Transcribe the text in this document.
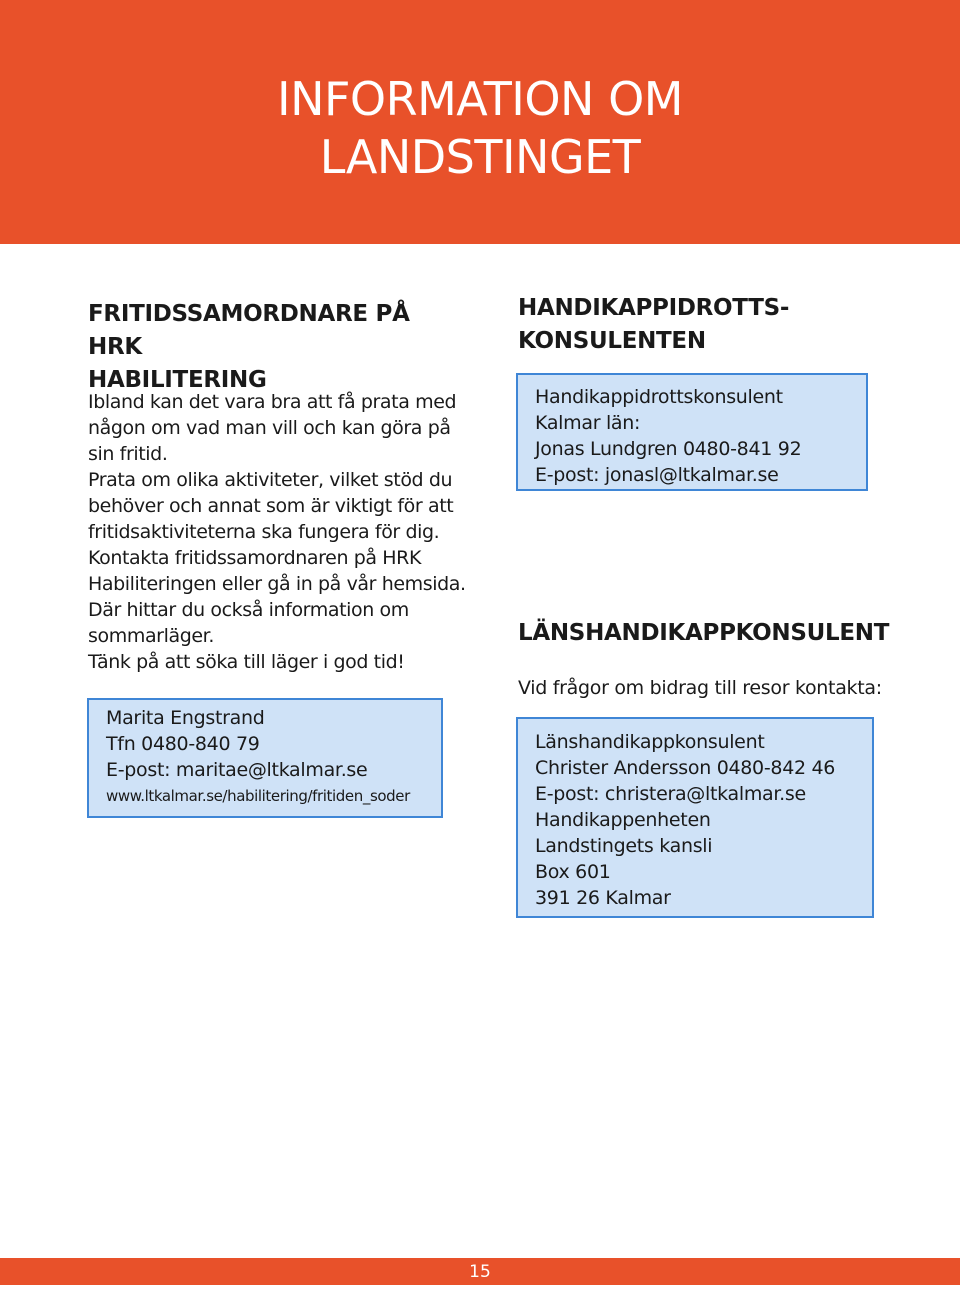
INFORMATION OM
LANDSTINGET
FRITIDSSAMORDNARE PÅ HRK
HABILITERING

Ibland kan det vara bra att få prata med

någon om vad man vill och kan göra på

sin fritid.

Prata om olika aktiviteter, vilket stöd du

behöver och annat som är viktigt för att

fritidsaktiviteterna ska fungera för dig.

Kontakta fritidssamordnaren på HRK

Habiliteringen eller gå in på vår hemsida.

Där hittar du också information om

sommarläger.

Tänk på att söka till läger i god tid!

Marita Engstrand

Tfn 0480-840 79

E-post: maritae@ltkalmar.se

www.ltkalmar.se/habilitering/fritiden_soder

HANDIKAPPIDROTTS-
KONSULENTEN

Handikappidrottskonsulent

Kalmar län:

Jonas Lundgren 0480-841 92

E-post: jonasl@ltkalmar.se

LÄNSHANDIKAPPKONSULENT
Vid frågor om bidrag till resor kontakta:

Länshandikappkonsulent

Christer Andersson 0480-842 46

E-post: christera@ltkalmar.se

Handikappenheten

Landstingets kansli

Box 601

391 26 Kalmar

15
